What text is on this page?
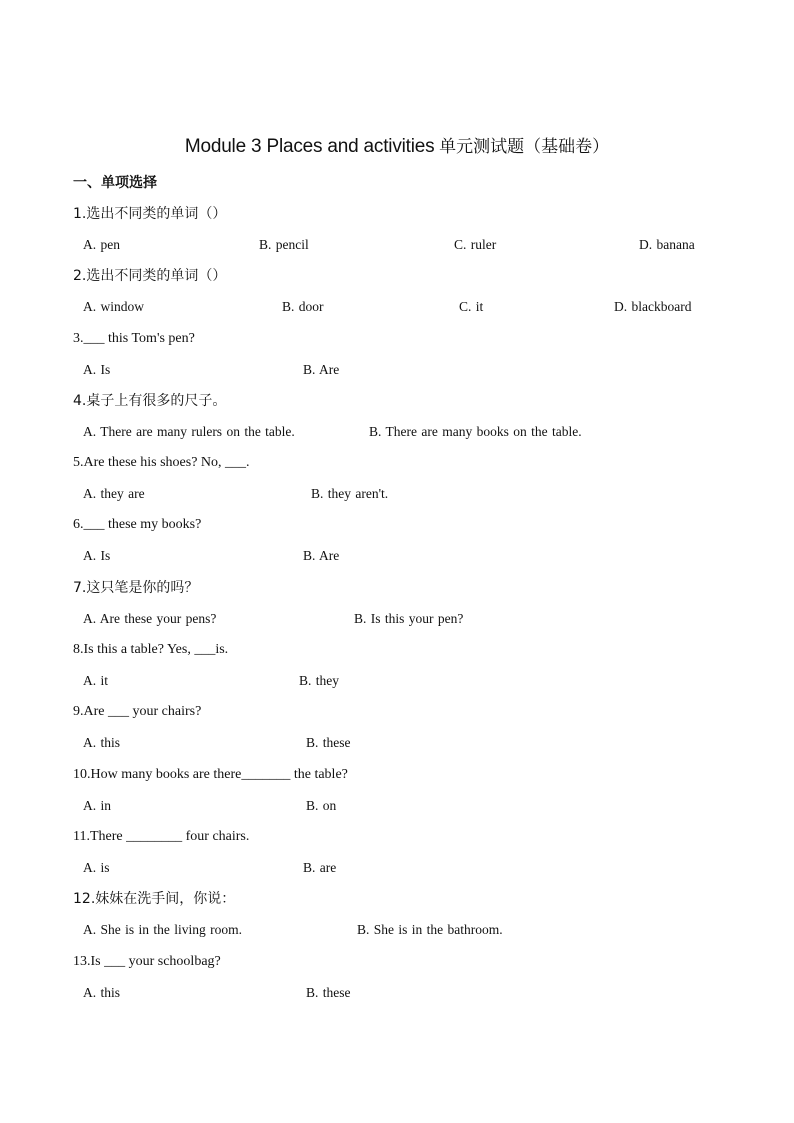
Module 3 Places and activities 单元测试题（基础卷）
一、单项选择
1.选出不同类的单词（）
A. pen	B. pencil	C. ruler	D. banana
2.选出不同类的单词（）
A. window	B. door	C. it	D. blackboard
3.___ this Tom's pen?
A. Is	B. Are
4.桌子上有很多的尺子。
A. There are many rulers on the table.	B. There are many books on the table.
5.Are these his shoes? No, ___.
A. they are	B. they aren't.
6.___ these my books?
A. Is	B. Are
7.这只笔是你的吗？
A. Are these your pens?	B. Is this your pen?
8.Is this a table? Yes, ___is.
A. it	B. they
9.Are ___ your chairs?
A. this	B. these
10.How many books are there_______ the table?
A. in	B. on
11.There ________ four chairs.
A. is	B. are
12.妹妹在洗手间，你说：
A. She is in the living room.	B. She is in the bathroom.
13.Is ___ your schoolbag?
A. this	B. these
